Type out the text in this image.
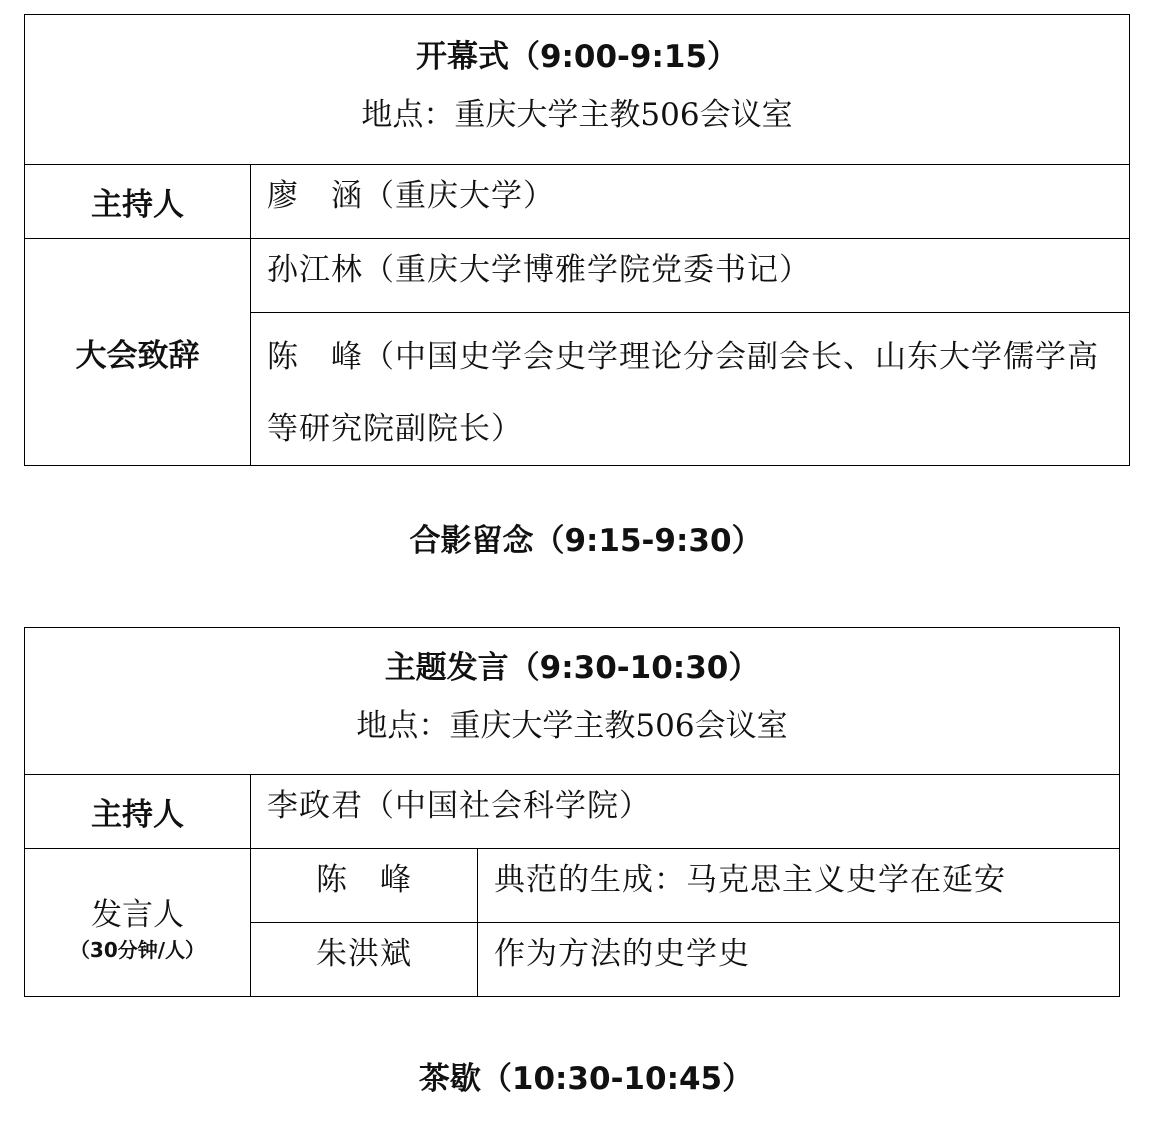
开幕式（9:00-9:15）
地点：重庆大学主教506会议室	

主持人	廖　涵（重庆大学）
大会致辞	孙江林（重庆大学博雅学院党委书记）
	陈　峰（中国史学会史学理论分会副会长、山东大学儒学高等研究院副院长）
合影留念（9:15-9:30）
主题发言（9:30-10:30）
地点：重庆大学主教506会议室		

主持人	李政君（中国社会科学院）	

发言人
（30分钟/人）	陈　峰	典范的生成：马克思主义史学在延安
	朱洪斌	作为方法的史学史
茶歇（10:30-10:45）
